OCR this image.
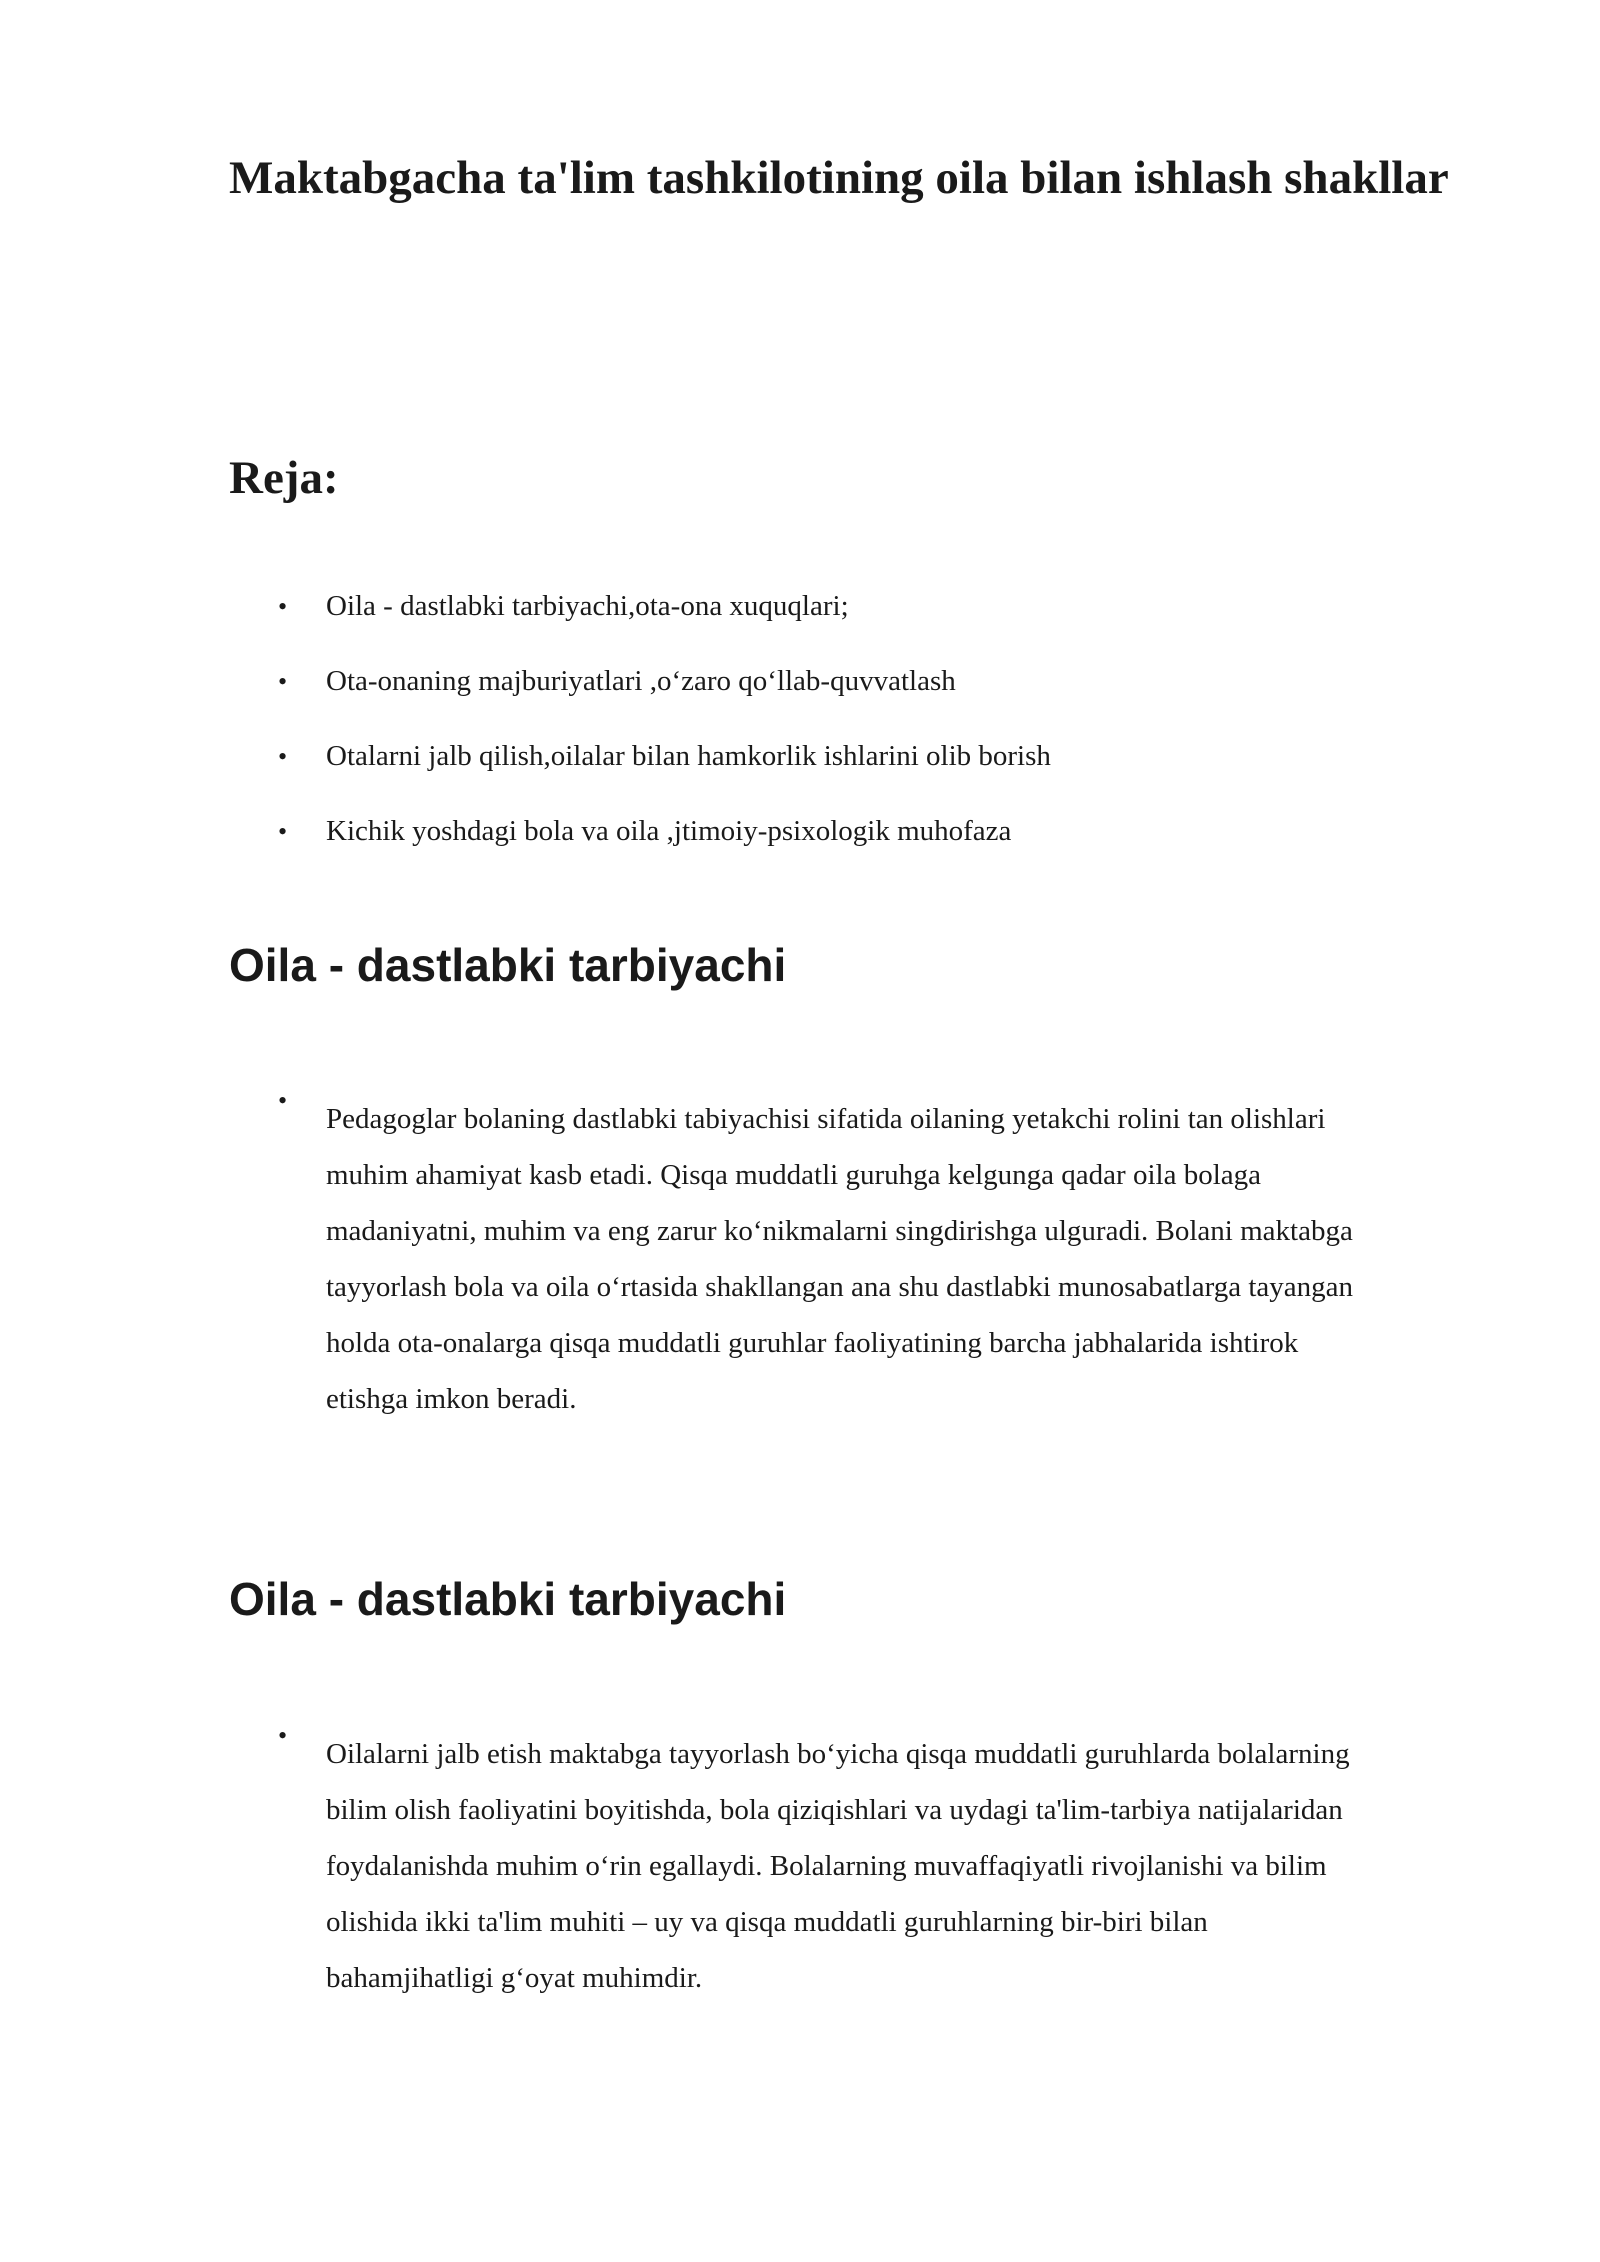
Maktabgacha ta'lim tashkilotining oila bilan ishlash shakllar
Reja:
• Oila - dastlabki tarbiyachi,ota-ona xuquqlari;
• Ota-onaning majburiyatlari ,o‘zaro qo‘llab-quvvatlash
• Otalarni jalb qilish,oilalar bilan hamkorlik ishlarini olib borish
• Kichik yoshdagi bola va oila ,jtimoiy-psixologik muhofaza
Oila - dastlabki tarbiyachi
•
Pedagoglar bolaning dastlabki tabiyachisi sifatida oilaning yetakchi rolini tan olishlari
muhim ahamiyat kasb etadi. Qisqa muddatli guruhga kelgunga qadar oila bolaga
madaniyatni, muhim va eng zarur ko‘nikmalarni singdirishga ulguradi. Bolani maktabga
tayyorlash bola va oila o‘rtasida shakllangan ana shu dastlabki munosabatlarga tayangan
holda ota-onalarga qisqa muddatli guruhlar faoliyatining barcha jabhalarida ishtirok
etishga imkon beradi.
Oila - dastlabki tarbiyachi
•
Oilalarni jalb etish maktabga tayyorlash bo‘yicha qisqa muddatli guruhlarda bolalarning
bilim olish faoliyatini boyitishda, bola qiziqishlari va uydagi ta'lim-tarbiya natijalaridan
foydalanishda muhim o‘rin egallaydi. Bolalarning muvaffaqiyatli rivojlanishi va bilim
olishida ikki ta'lim muhiti – uy va qisqa muddatli guruhlarning bir-biri bilan
bahamjihatligi g‘oyat muhimdir.
